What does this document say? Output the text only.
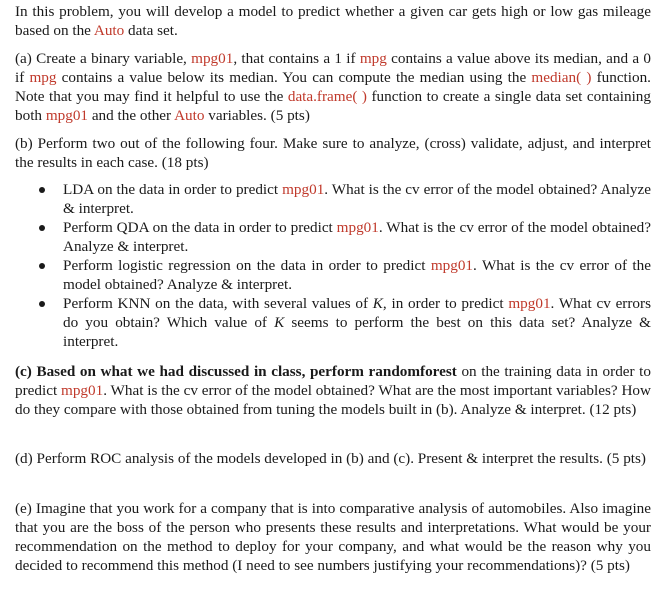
In this problem, you will develop a model to predict whether a given car gets high or low gas mileage based on the Auto data set.

(a) Create a binary variable, mpg01, that contains a 1 if mpg contains a value above its median, and a 0 if mpg contains a value below its median. You can compute the median using the median( ) function. Note that you may find it helpful to use the data.frame( ) function to create a single data set containing both mpg01 and the other Auto variables. (5 pts)

(b) Perform two out of the following four. Make sure to analyze, (cross) validate, adjust, and interpret the results in each case. (18 pts)

LDA on the data in order to predict mpg01. What is the cv error of the model obtained? Analyze & interpret.
Perform QDA on the data in order to predict mpg01. What is the cv error of the model obtained? Analyze & interpret.
Perform logistic regression on the data in order to predict mpg01. What is the cv error of the model obtained? Analyze & interpret.
Perform KNN on the data, with several values of K, in order to predict mpg01. What cv errors do you obtain? Which value of K seems to perform the best on this data set? Analyze & interpret.

(c) Based on what we had discussed in class, perform randomforest on the training data in order to predict mpg01. What is the cv error of the model obtained? What are the most important variables? How do they compare with those obtained from tuning the models built in (b). Analyze & interpret. (12 pts)

(d) Perform ROC analysis of the models developed in (b) and (c). Present & interpret the results. (5 pts)

(e) Imagine that you work for a company that is into comparative analysis of automobiles. Also imagine that you are the boss of the person who presents these results and interpretations. What would be your recommendation on the method to deploy for your company, and what would be the reason why you decided to recommend this method (I need to see numbers justifying your recommendations)? (5 pts)
